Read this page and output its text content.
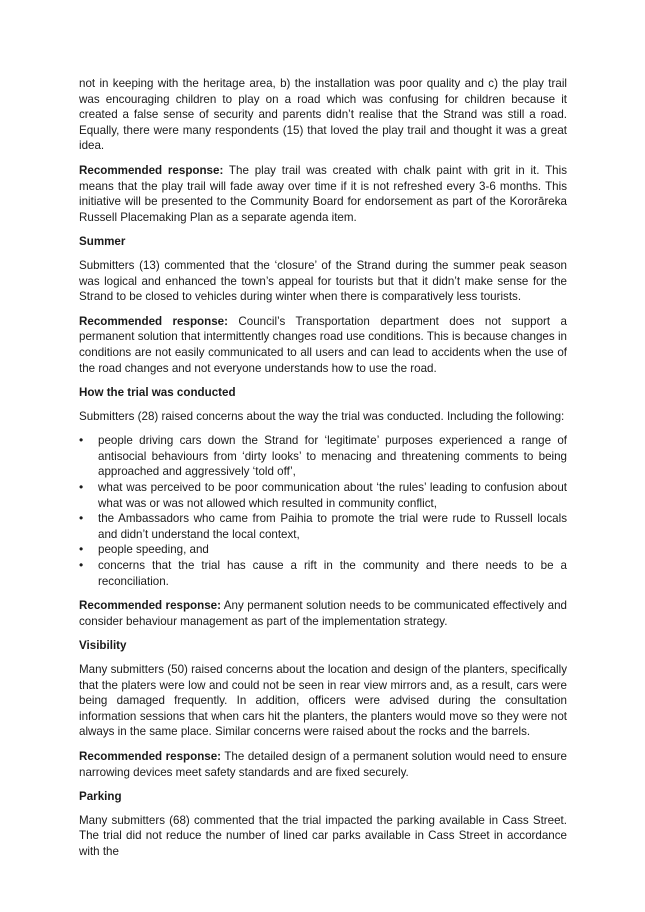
not in keeping with the heritage area, b) the installation was poor quality and c) the play trail was encouraging children to play on a road which was confusing for children because it created a false sense of security and parents didn’t realise that the Strand was still a road. Equally, there were many respondents (15) that loved the play trail and thought it was a great idea.

Recommended response: The play trail was created with chalk paint with grit in it. This means that the play trail will fade away over time if it is not refreshed every 3-6 months. This initiative will be presented to the Community Board for endorsement as part of the Kororāreka Russell Placemaking Plan as a separate agenda item.

Summer

Submitters (13) commented that the ‘closure’ of the Strand during the summer peak season was logical and enhanced the town’s appeal for tourists but that it didn’t make sense for the Strand to be closed to vehicles during winter when there is comparatively less tourists.

Recommended response: Council’s Transportation department does not support a permanent solution that intermittently changes road use conditions. This is because changes in conditions are not easily communicated to all users and can lead to accidents when the use of the road changes and not everyone understands how to use the road.

How the trial was conducted

Submitters (28) raised concerns about the way the trial was conducted. Including the following:

• people driving cars down the Strand for ‘legitimate’ purposes experienced a range of antisocial behaviours from ‘dirty looks’ to menacing and threatening comments to being approached and aggressively ‘told off’,
• what was perceived to be poor communication about ‘the rules’ leading to confusion about what was or was not allowed which resulted in community conflict,
• the Ambassadors who came from Paihia to promote the trial were rude to Russell locals and didn’t understand the local context,
• people speeding, and
• concerns that the trial has cause a rift in the community and there needs to be a reconciliation.

Recommended response: Any permanent solution needs to be communicated effectively and consider behaviour management as part of the implementation strategy.

Visibility

Many submitters (50) raised concerns about the location and design of the planters, specifically that the platers were low and could not be seen in rear view mirrors and, as a result, cars were being damaged frequently. In addition, officers were advised during the consultation information sessions that when cars hit the planters, the planters would move so they were not always in the same place. Similar concerns were raised about the rocks and the barrels.

Recommended response: The detailed design of a permanent solution would need to ensure narrowing devices meet safety standards and are fixed securely.

Parking

Many submitters (68) commented that the trial impacted the parking available in Cass Street. The trial did not reduce the number of lined car parks available in Cass Street in accordance with the
